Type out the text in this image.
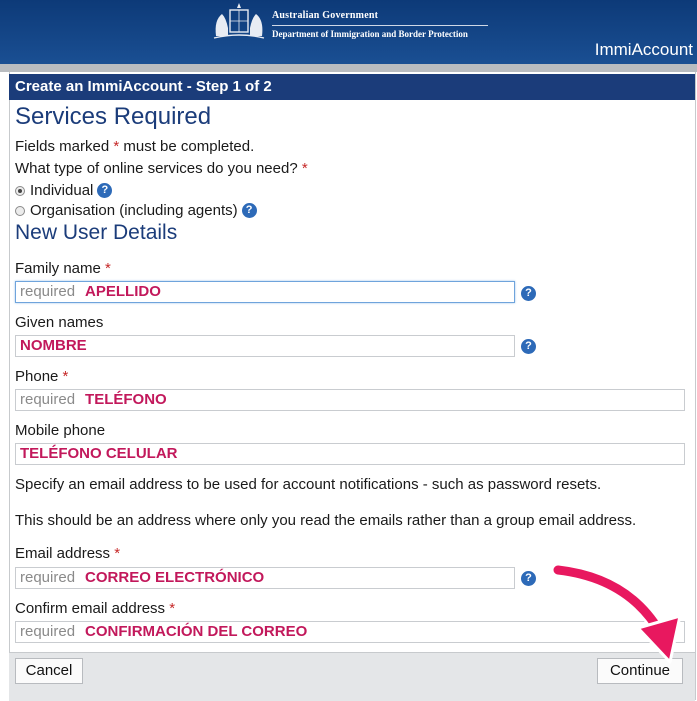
Australian Government
Department of Immigration and Border Protection
ImmiAccount
Create an ImmiAccount - Step 1 of 2
Services Required
Fields marked * must be completed.
What type of online services do you need? *
Individual ?
Organisation (including agents) ?
New User Details
Family name *
required APELLIDO	?
Given names
NOMBRE	?
Phone *
required TELÉFONO
Mobile phone
TELÉFONO CELULAR
Specify an email address to be used for account notifications - such as password resets.
This should be an address where only you read the emails rather than a group email address.
Email address *
required CORREO ELECTRÓNICO	?
Confirm email address *
required CONFIRMACIÓN DEL CORREO
Cancel	Continue
